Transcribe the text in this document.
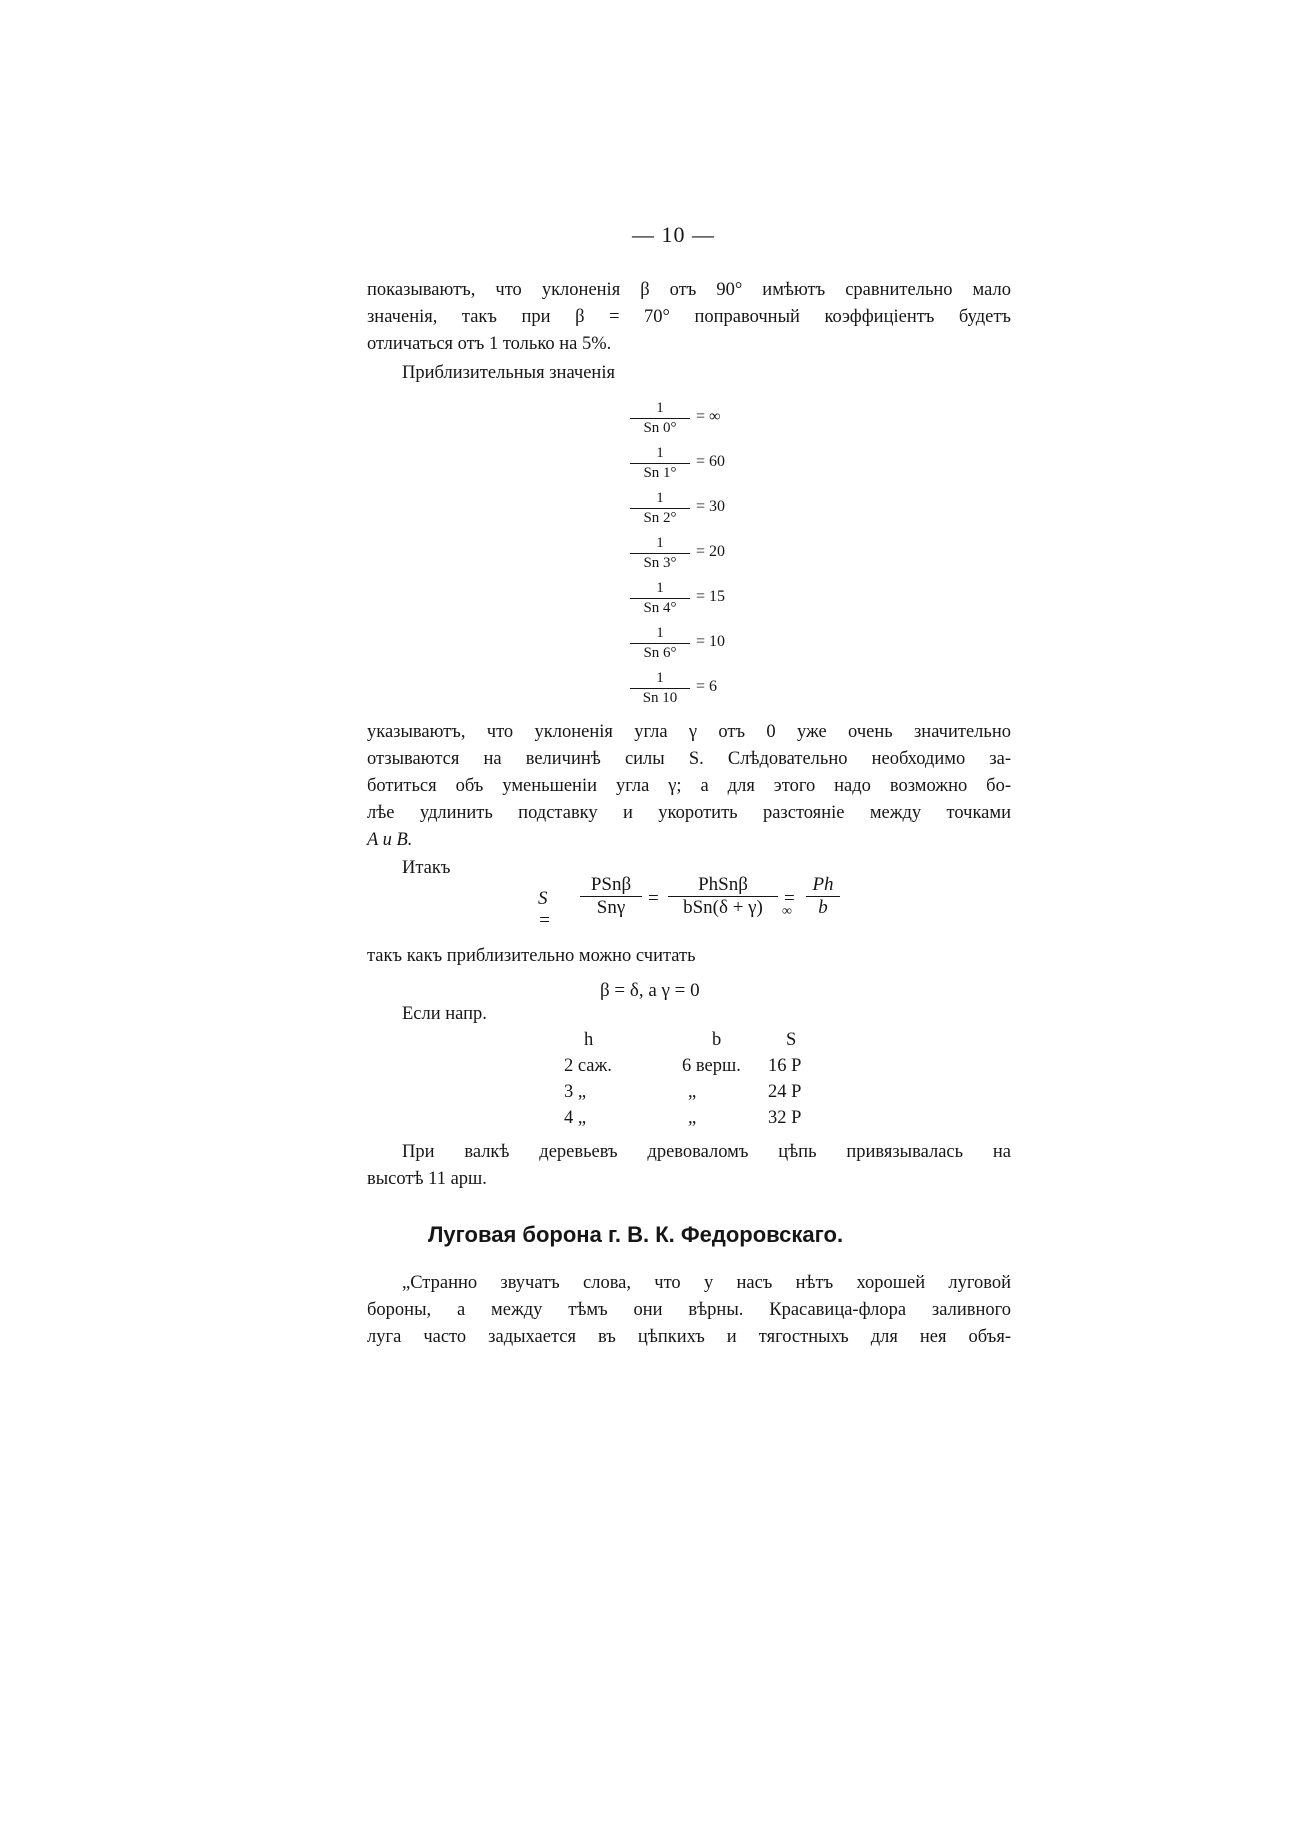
— 10 —
показываютъ, что уклоненія β отъ 90° имѣютъ сравнительно мало
значенія, такъ при β = 70° поправочный коэффиціентъ будетъ
отличаться отъ 1 только на 5%.
Приблизительныя значенія
1
Sn 0°
= ∞
1
Sn 1°
= 60
1
Sn 2°
= 30
1
Sn 3°
= 20
1
Sn 4°
= 15
1
Sn 6°
= 10
1
Sn 10
= 6
указываютъ, что уклоненія угла γ отъ 0 уже очень значительно
отзываются на величинѣ силы S. Слѣдовательно необходимо за-
ботиться объ уменьшеніи угла γ; а для этого надо возможно бо-
лѣе удлинить подставку и укоротить разстояніе между точками
A и B.
Итакъ
S =
PSnβ
Snγ	=
PhSnβ
bSn(δ + γ)	=
∞
Ph
b
такъ какъ приблизительно можно считать
β = δ, а γ = 0
Если напр.
h	b	S
2 саж.	6 верш. 16 P
3 „	„	24 P
4 „	„	32 P
При валкѣ деревьевъ древоваломъ цѣпь привязывалась на
высотѣ 11 арш.
Луговая борона г. В. К. Федоровскаго.
„Странно звучатъ слова, что у насъ нѣтъ хорошей луговой
бороны, а между тѣмъ они вѣрны. Красавица-флора заливного
луга часто задыхается въ цѣпкихъ и тягостныхъ для нея объя-
